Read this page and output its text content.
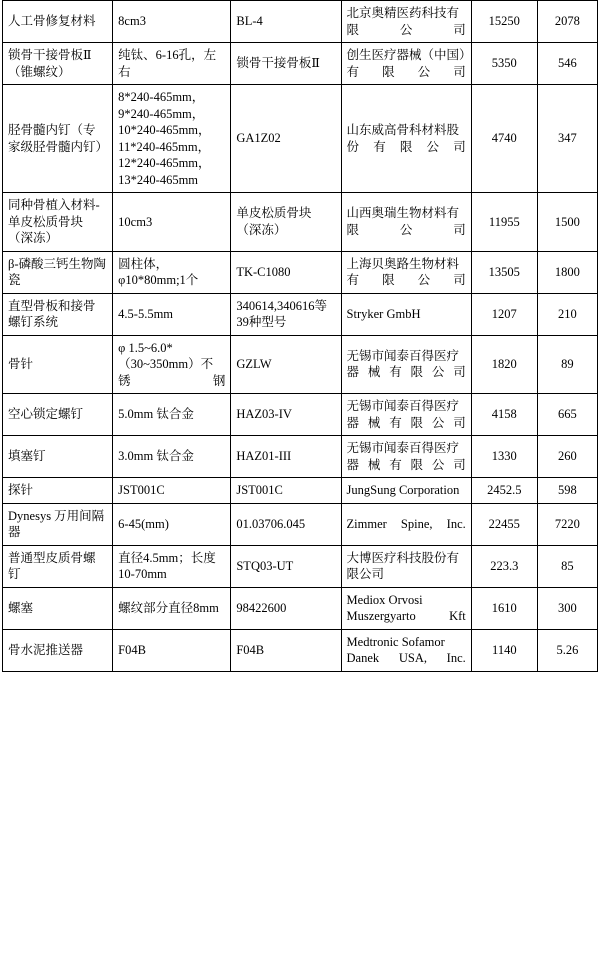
人工骨修复材料	8cm3	BL-4	北京奥精医药科技有限公司	15250	2078
锁骨干接骨板Ⅱ（锥螺纹）	纯钛、6-16孔，左右	锁骨干接骨板Ⅱ	创生医疗器械（中国）有限公司	5350	546
胫骨髓内钉（专家级胫骨髓内钉）	8*240-465mm，9*240-465mm，10*240-465mm，11*240-465mm，12*240-465mm，13*240-465mm	GA1Z02	山东威高骨科材料股份有限公司	4740	347
同种骨植入材料-单皮松质骨块（深冻）	10cm3	单皮松质骨块（深冻）	山西奥瑞生物材料有限公司	11955	1500
β-磷酸三钙生物陶瓷	圆柱体，φ10*80mm;1个	TK-C1080	上海贝奥路生物材料有限公司	13505	1800
直型骨板和接骨螺钉系统	4.5-5.5mm	340614,340616等39种型号	Stryker GmbH	1207	210
骨针	φ 1.5~6.0*（30~350mm）不锈钢	GZLW	无锡市闻泰百得医疗器械有限公司	1820	89
空心锁定螺钉	5.0mm 钛合金	HAZ03-IV	无锡市闻泰百得医疗器械有限公司	4158	665
填塞钉	3.0mm 钛合金	HAZ01-III	无锡市闻泰百得医疗器械有限公司	1330	260
探针	JST001C	JST001C	JungSung Corporation	2452.5	598
Dynesys 万用间隔器	6-45(mm)	01.03706.045	Zimmer Spine, Inc.	22455	7220
普通型皮质骨螺钉	直径4.5mm；长度10-70mm	STQ03-UT	大博医疗科技股份有限公司	223.3	85
螺塞	螺纹部分直径8mm	98422600	Mediox Orvosi Muszergyarto Kft	1610	300
骨水泥推送器	F04B	F04B	Medtronic Sofamor Danek USA, Inc.	1140	5.26
